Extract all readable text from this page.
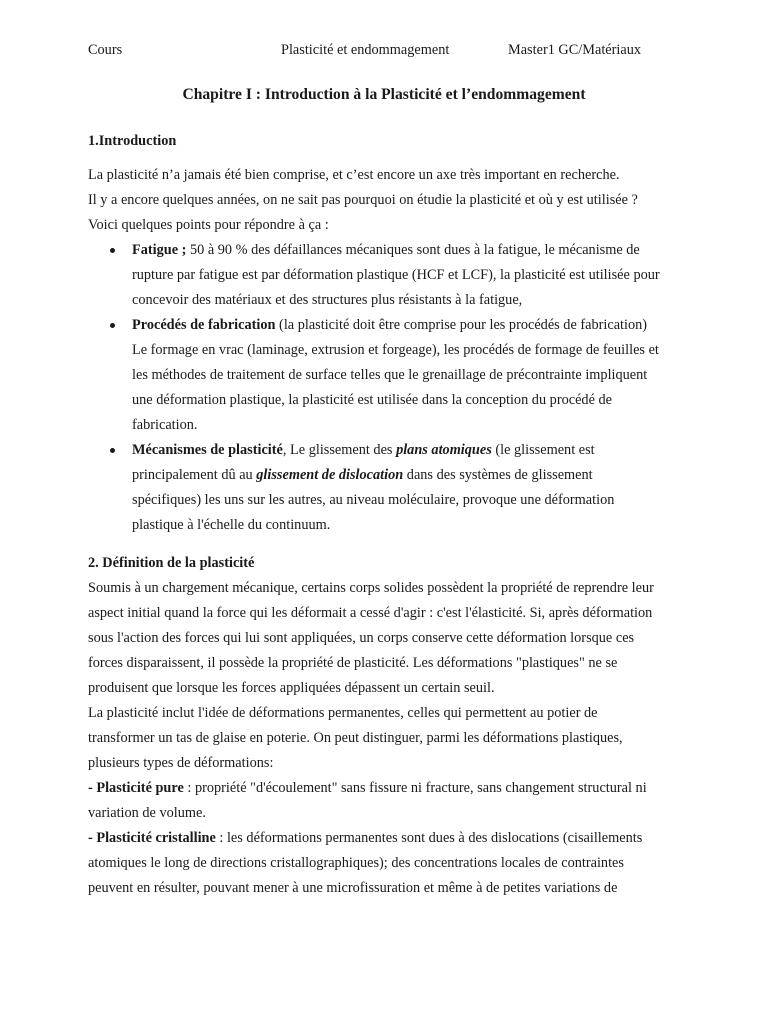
Cours	Plasticité et endommagement	Master1 GC/Matériaux
Chapitre I : Introduction à la Plasticité et l’endommagement
1.Introduction
La plasticité n’a jamais été bien comprise, et c’est encore un axe très important en recherche.
Il y a encore quelques années, on ne sait pas pourquoi on étudie la plasticité et où y est utilisée ?
Voici quelques points pour répondre à ça :
Fatigue ; 50 à 90 % des défaillances mécaniques sont dues à la fatigue, le mécanisme de
rupture par fatigue est par déformation plastique (HCF et LCF), la plasticité est utilisée pour
concevoir des matériaux et des structures plus résistants à la fatigue,
Procédés de fabrication (la plasticité doit être comprise pour les procédés de fabrication)
Le formage en vrac (laminage, extrusion et forgeage), les procédés de formage de feuilles et
les méthodes de traitement de surface telles que le grenaillage de précontrainte impliquent
une déformation plastique, la plasticité est utilisée dans la conception du procédé de
fabrication.
Mécanismes de plasticité, Le glissement des plans atomiques (le glissement est
principalement dû au glissement de dislocation dans des systèmes de glissement
spécifiques) les uns sur les autres, au niveau moléculaire, provoque une déformation
plastique à l'échelle du continuum.
2. Définition de la plasticité
Soumis à un chargement mécanique, certains corps solides possèdent la propriété de reprendre leur
aspect initial quand la force qui les déformait a cessé d'agir : c'est l'élasticité. Si, après déformation
sous l'action des forces qui lui sont appliquées, un corps conserve cette déformation lorsque ces
forces disparaissent, il possède la propriété de plasticité. Les déformations "plastiques" ne se
produisent que lorsque les forces appliquées dépassent un certain seuil.
La plasticité inclut l'idée de déformations permanentes, celles qui permettent au potier de
transformer un tas de glaise en poterie. On peut distinguer, parmi les déformations plastiques,
plusieurs types de déformations:
- Plasticité pure : propriété "d'écoulement" sans fissure ni fracture, sans changement structural ni
variation de volume.
- Plasticité cristalline : les déformations permanentes sont dues à des dislocations (cisaillements
atomiques le long de directions cristallographiques); des concentrations locales de contraintes
peuvent en résulter, pouvant mener à une microfissuration et même à de petites variations de
